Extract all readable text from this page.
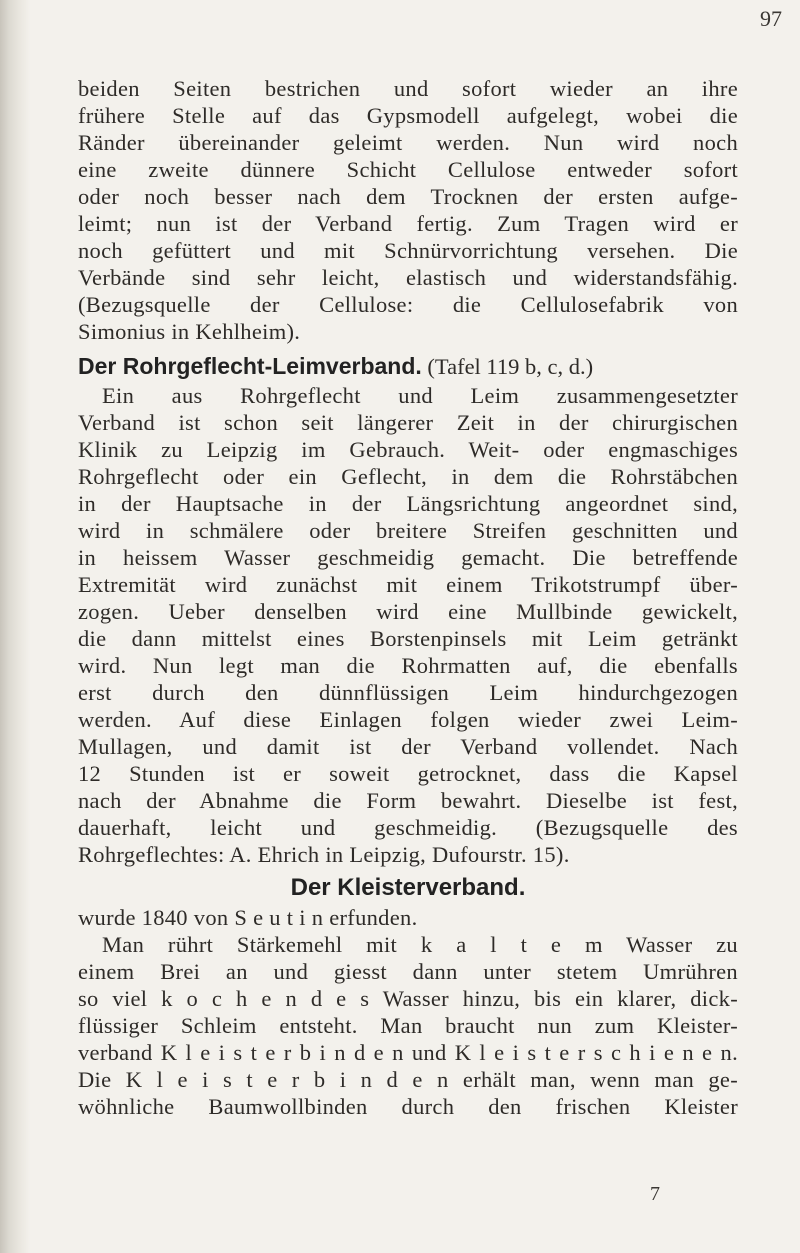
97
beiden Seiten bestrichen und sofort wieder an ihre
frühere Stelle auf das Gypsmodell aufgelegt, wobei die
Ränder übereinander geleimt werden. Nun wird noch
eine zweite dünnere Schicht Cellulose entweder sofort
oder noch besser nach dem Trocknen der ersten aufge-
leimt; nun ist der Verband fertig. Zum Tragen wird er
noch gefüttert und mit Schnürvorrichtung versehen. Die
Verbände sind sehr leicht, elastisch und widerstandsfähig.
(Bezugsquelle der Cellulose: die Cellulosefabrik von
Simonius in Kehlheim).
Der Rohrgeflecht-Leimverband. (Tafel 119 b, c, d.)
Ein aus Rohrgeflecht und Leim zusammengesetzter
Verband ist schon seit längerer Zeit in der chirurgischen
Klinik zu Leipzig im Gebrauch. Weit- oder engmaschiges
Rohrgeflecht oder ein Geflecht, in dem die Rohrstäbchen
in der Hauptsache in der Längsrichtung angeordnet sind,
wird in schmälere oder breitere Streifen geschnitten und
in heissem Wasser geschmeidig gemacht. Die betreffende
Extremität wird zunächst mit einem Trikotstrumpf über-
zogen. Ueber denselben wird eine Mullbinde gewickelt,
die dann mittelst eines Borstenpinsels mit Leim getränkt
wird. Nun legt man die Rohrmatten auf, die ebenfalls
erst durch den dünnflüssigen Leim hindurchgezogen
werden. Auf diese Einlagen folgen wieder zwei Leim-
Mullagen, und damit ist der Verband vollendet. Nach
12 Stunden ist er soweit getrocknet, dass die Kapsel
nach der Abnahme die Form bewahrt. Dieselbe ist fest,
dauerhaft, leicht und geschmeidig. (Bezugsquelle des
Rohrgeflechtes: A. Ehrich in Leipzig, Dufourstr. 15).
Der Kleisterverband.
wurde 1840 von S e u t i n erfunden.
Man rührt Stärkemehl mit k a l t e m Wasser zu
einem Brei an und giesst dann unter stetem Umrühren
so viel k o c h e n d e s Wasser hinzu, bis ein klarer, dick-
flüssiger Schleim entsteht. Man braucht nun zum Kleister-
verband K l e i s t e r b i n d e n und K l e i s t e r s c h i e n e n.
Die K l e i s t e r b i n d e n erhält man, wenn man ge-
wöhnliche Baumwollbinden durch den frischen Kleister
7
